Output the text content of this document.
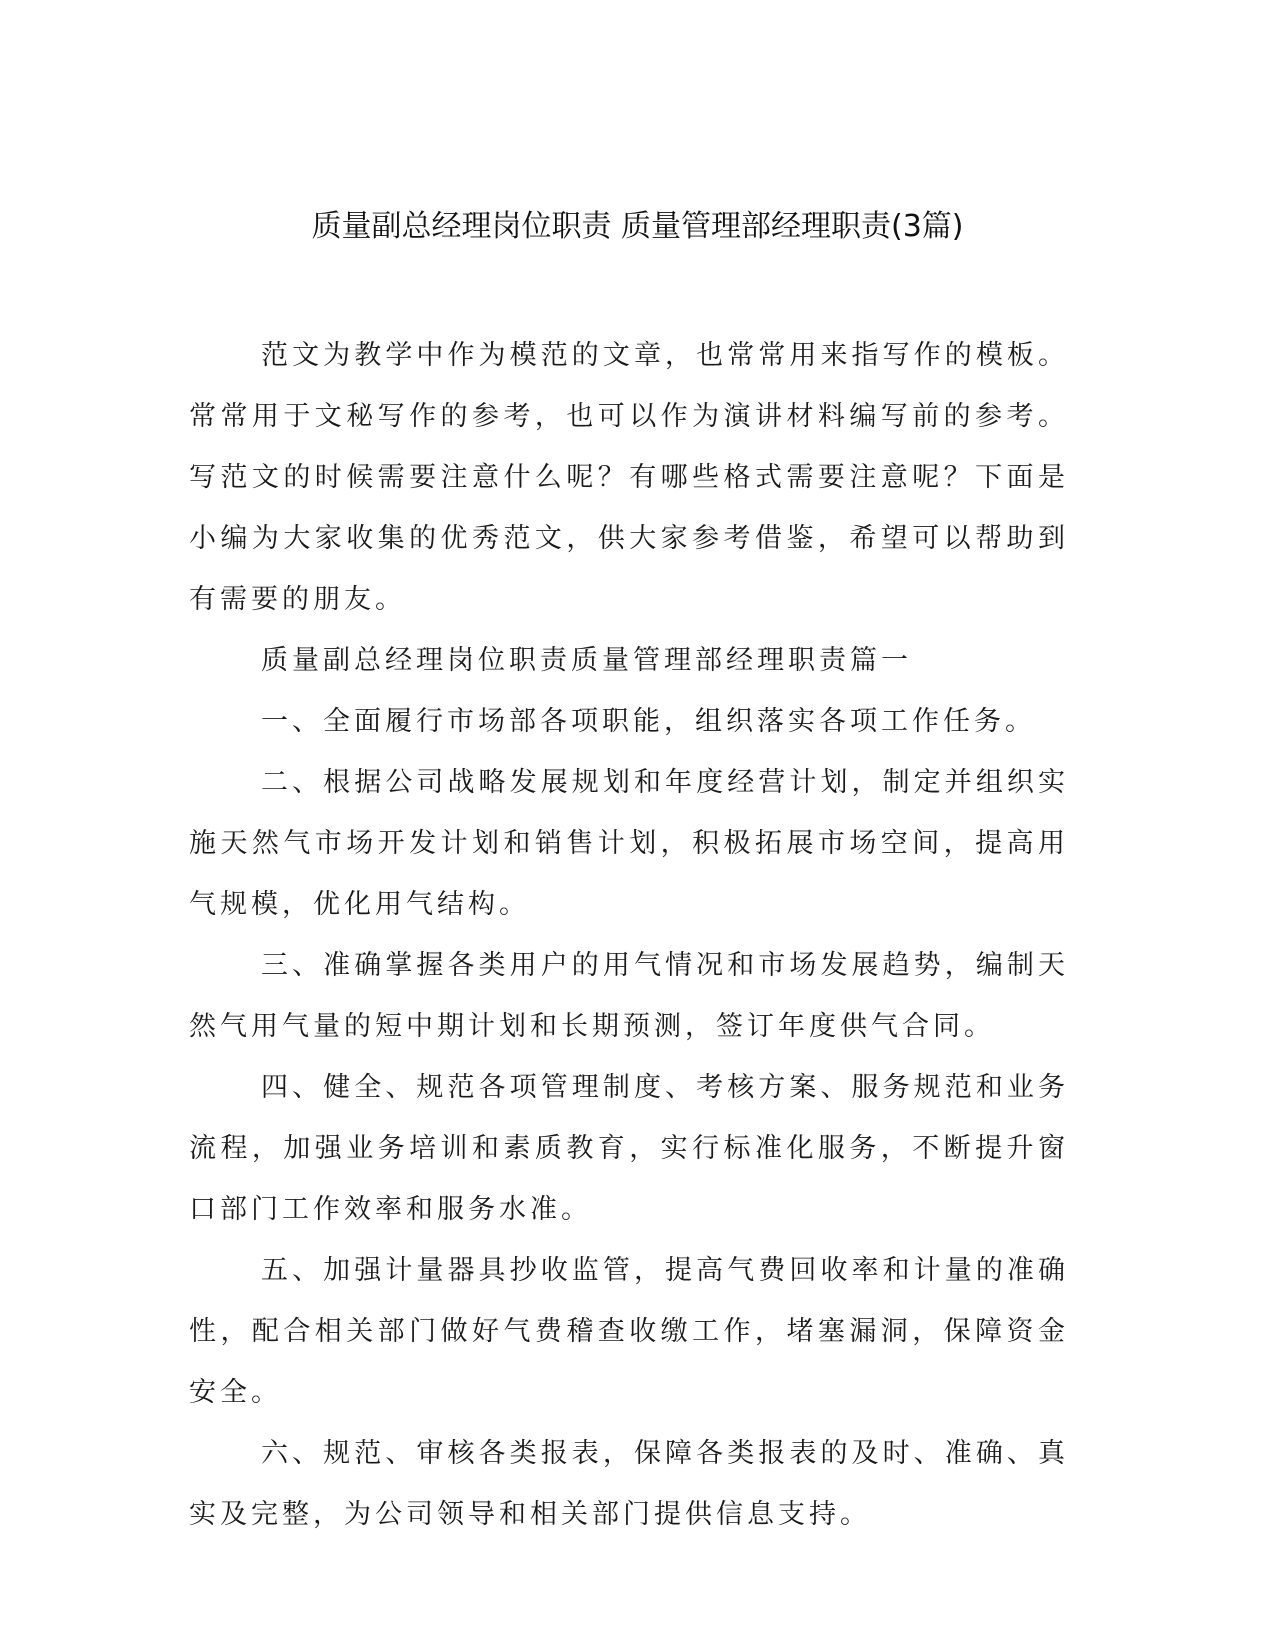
质量副总经理岗位职责 质量管理部经理职责(3篇)

范文为教学中作为模范的文章，也常常用来指写作的模板。常常用于文秘写作的参考，也可以作为演讲材料编写前的参考。写范文的时候需要注意什么呢？有哪些格式需要注意呢？下面是小编为大家收集的优秀范文，供大家参考借鉴，希望可以帮助到有需要的朋友。

质量副总经理岗位职责质量管理部经理职责篇一

一、全面履行市场部各项职能，组织落实各项工作任务。

二、根据公司战略发展规划和年度经营计划，制定并组织实施天然气市场开发计划和销售计划，积极拓展市场空间，提高用气规模，优化用气结构。

三、准确掌握各类用户的用气情况和市场发展趋势，编制天然气用气量的短中期计划和长期预测，签订年度供气合同。

四、健全、规范各项管理制度、考核方案、服务规范和业务流程，加强业务培训和素质教育，实行标准化服务，不断提升窗口部门工作效率和服务水准。

五、加强计量器具抄收监管，提高气费回收率和计量的准确性，配合相关部门做好气费稽查收缴工作，堵塞漏洞，保障资金安全。

六、规范、审核各类报表，保障各类报表的及时、准确、真实及完整，为公司领导和相关部门提供信息支持。
